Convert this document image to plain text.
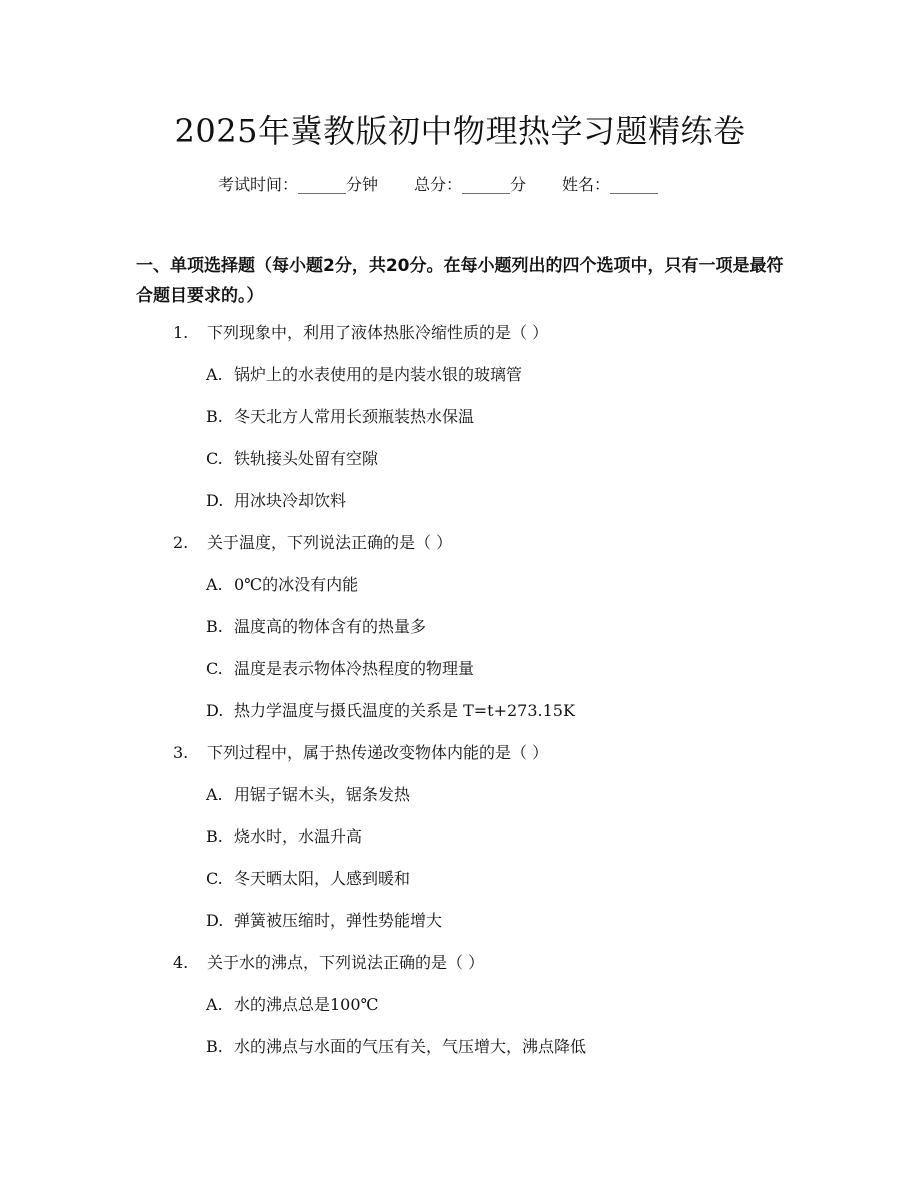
2025年冀教版初中物理热学习题精练卷
考试时间：______分钟 总分：______分 姓名：______
一、单项选择题（每小题2分，共20分。在每小题列出的四个选项中，只有一项是最符合题目要求的。）
1. 下列现象中，利用了液体热胀冷缩性质的是（ ）
A. 锅炉上的水表使用的是内装水银的玻璃管
B. 冬天北方人常用长颈瓶装热水保温
C. 铁轨接头处留有空隙
D. 用冰块冷却饮料
2. 关于温度，下列说法正确的是（ ）
A. 0℃的冰没有内能
B. 温度高的物体含有的热量多
C. 温度是表示物体冷热程度的物理量
D. 热力学温度与摄氏温度的关系是 T=t+273.15K
3. 下列过程中，属于热传递改变物体内能的是（ ）
A. 用锯子锯木头，锯条发热
B. 烧水时，水温升高
C. 冬天晒太阳，人感到暖和
D. 弹簧被压缩时，弹性势能增大
4. 关于水的沸点，下列说法正确的是（ ）
A. 水的沸点总是100℃
B. 水的沸点与水面的气压有关，气压增大，沸点降低
